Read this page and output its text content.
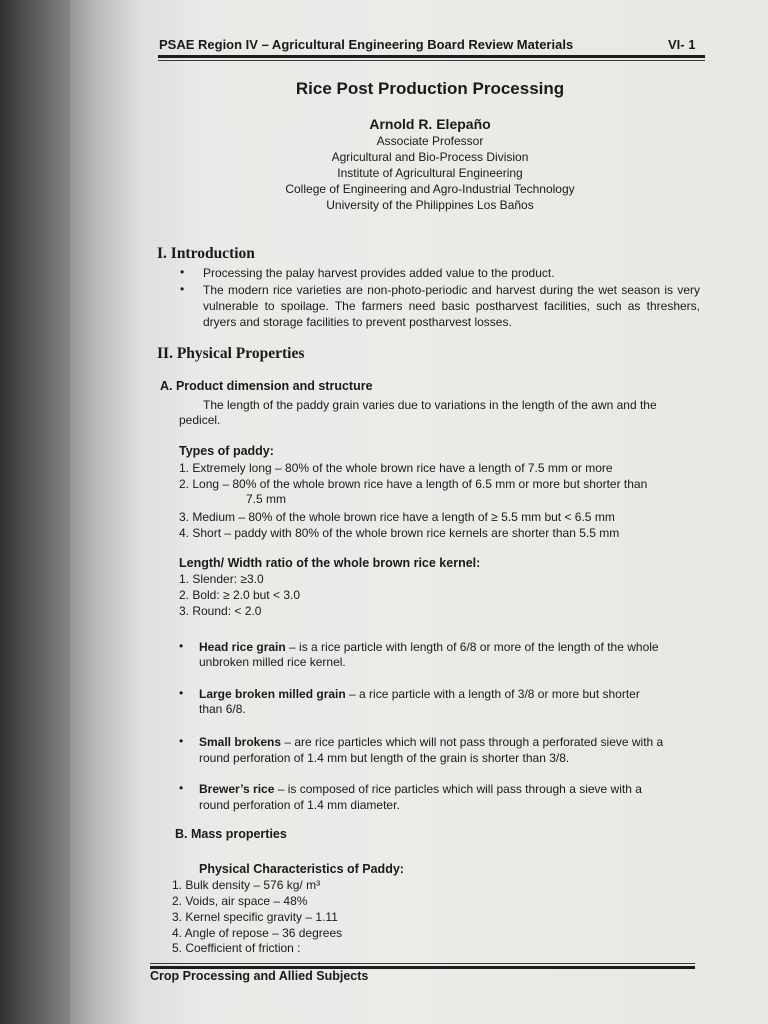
PSAE Region IV – Agricultural Engineering Board Review Materials	VI- 1
Rice Post Production Processing
Arnold R. Elepaño
Associate Professor
Agricultural and Bio-Process Division
Institute of Agricultural Engineering
College of Engineering and Agro-Industrial Technology
University of the Philippines Los Baños
I. Introduction
• Processing the palay harvest provides added value to the product.
• The modern rice varieties are non-photo-periodic and harvest during the wet season is very vulnerable to spoilage. The farmers need basic postharvest facilities, such as threshers, dryers and storage facilities to prevent postharvest losses.
II. Physical Properties
A. Product dimension and structure
The length of the paddy grain varies due to variations in the length of the awn and the
pedicel.
Types of paddy:
1. Extremely long – 80% of the whole brown rice have a length of 7.5 mm or more
2. Long – 80% of the whole brown rice have a length of 6.5 mm or more but shorter than
7.5 mm
3. Medium – 80% of the whole brown rice have a length of ≥ 5.5 mm but < 6.5 mm
4. Short – paddy with 80% of the whole brown rice kernels are shorter than 5.5 mm
Length/ Width ratio of the whole brown rice kernel:
1. Slender: ≥3.0
2. Bold: ≥ 2.0 but < 3.0
3. Round: < 2.0
• Head rice grain – is a rice particle with length of 6/8 or more of the length of the whole
unbroken milled rice kernel.
• Large broken milled grain – a rice particle with a length of 3/8 or more but shorter
than 6/8.
• Small brokens – are rice particles which will not pass through a perforated sieve with a
round perforation of 1.4 mm but length of the grain is shorter than 3/8.
• Brewer’s rice – is composed of rice particles which will pass through a sieve with a
round perforation of 1.4 mm diameter.
B. Mass properties
Physical Characteristics of Paddy:
1. Bulk density – 576 kg/ m³
2. Voids, air space – 48%
3. Kernel specific gravity – 1.11
4. Angle of repose – 36 degrees
5. Coefficient of friction :
Crop Processing and Allied Subjects
